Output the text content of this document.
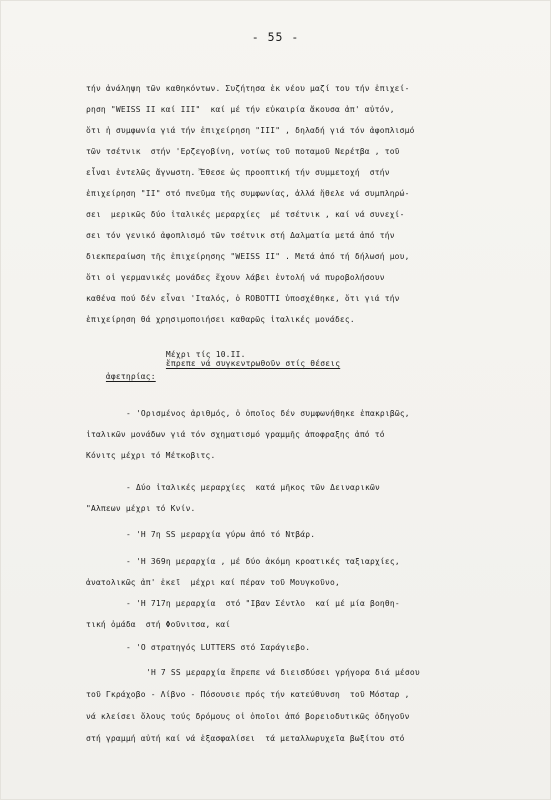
- 55 -
τήν ἀνάληψη τῶν καθηκόντων. Συζήτησα ἐκ νέου μαζί του τήν ἐπιχεί-
ρηση "WEISS II καί III"  καί μέ τήν εὐκαιρία ἄκουσα ἀπ' αὐτόν,
ὅτι ἡ συμφωνία γιά τήν ἐπιχείρηση "III" , δηλαδή γιά τόν ἀφοπλισμό
τῶν τσέτνικ  στήν 'Ερζεγοβίνη, νοτίως τοῦ ποταμοῦ Νερέτβα , τοῦ
εἶναι ἐντελῶς ἄγνωστη. Ἔθεσε ὡς προοπτική τήν συμμετοχή  στήν
ἐπιχείρηση "II" στό πνεῦμα τῆς συμφωνίας, ἀλλά ἤθελε νά συμπληρώ-
σει  μερικῶς δύο ἰταλικές μεραρχίες  μέ τσέτνικ , καί νά συνεχί-
σει τόν γενικό ἀφοπλισμό τῶν τσέτνικ στή Δαλματία μετά ἀπό τήν
διεκπεραίωση τῆς ἐπιχείρησης "WEISS II" . Μετά ἀπό τή δήλωσή μου,
ὅτι οἱ γερμανικές μονάδες ἔχουν λάβει ἐντολή νά πυροβολήσουν
καθένα πού δέν εἶναι 'Ιταλός, ὁ ROBOTTI ὑποσχέθηκε, ὅτι γιά τήν
ἐπιχείρηση θά χρησιμοποιήσει καθαρῶς ἰταλικές μονάδες.

Μέχρι τίς 10.II.
ἔπρεπε νά συγκεντρωθοῦν στίς θέσεις

ἀφετηρίας:

- 'Ορισμένος ἀριθμός, ὁ ὁποῖος δέν συμφωνήθηκε ἐπακριβῶς,
ἰταλικῶν μονάδων γιά τόν σχηματισμό γραμμῆς ἀποφραξης ἀπό τό
Κόνιτς μέχρι τό Μέτκοβιτς.
- Δύο ἰταλικές μεραρχίες  κατά μῆκος τῶν Δειναρικῶν
"Αλπεων μέχρι τό Κνίν.
- 'Η 7η SS μεραρχία γύρω ἀπό τό Ντβάρ.
- 'Η 369η μεραρχία , μέ δύο ἀκόμη κροατικές ταξιαρχίες,
ἀνατολικῶς ἀπ' ἐκεῖ  μέχρι καί πέραν τοῦ Μουγκοῦνο,
- 'Η 717η μεραρχία  στό "Ιβαν Σέντλο  καί μέ μία βοηθη-
τική ὁμάδα  στή Φοῦνιτσα, καί
- 'Ο στρατηγός LUTTERS στό Σαράγιεβο.
'Η 7 SS μεραρχία ἔπρεπε νά διεισδύσει γρήγορα διά μέσου
τοῦ Γκράχοβο - Λίβνο - Πόσουσιε πρός τήν κατεύθυνση  τοῦ Μόσταρ ,
νά κλείσει ὅλους τούς δρόμους οἱ ὁποῖοι ἀπό βορειοδυτικῶς ὁδηγοῦν
στή γραμμή αὐτή καί νά ἐξασφαλίσει  τά μεταλλωρυχεῖα βωξίτου στό
